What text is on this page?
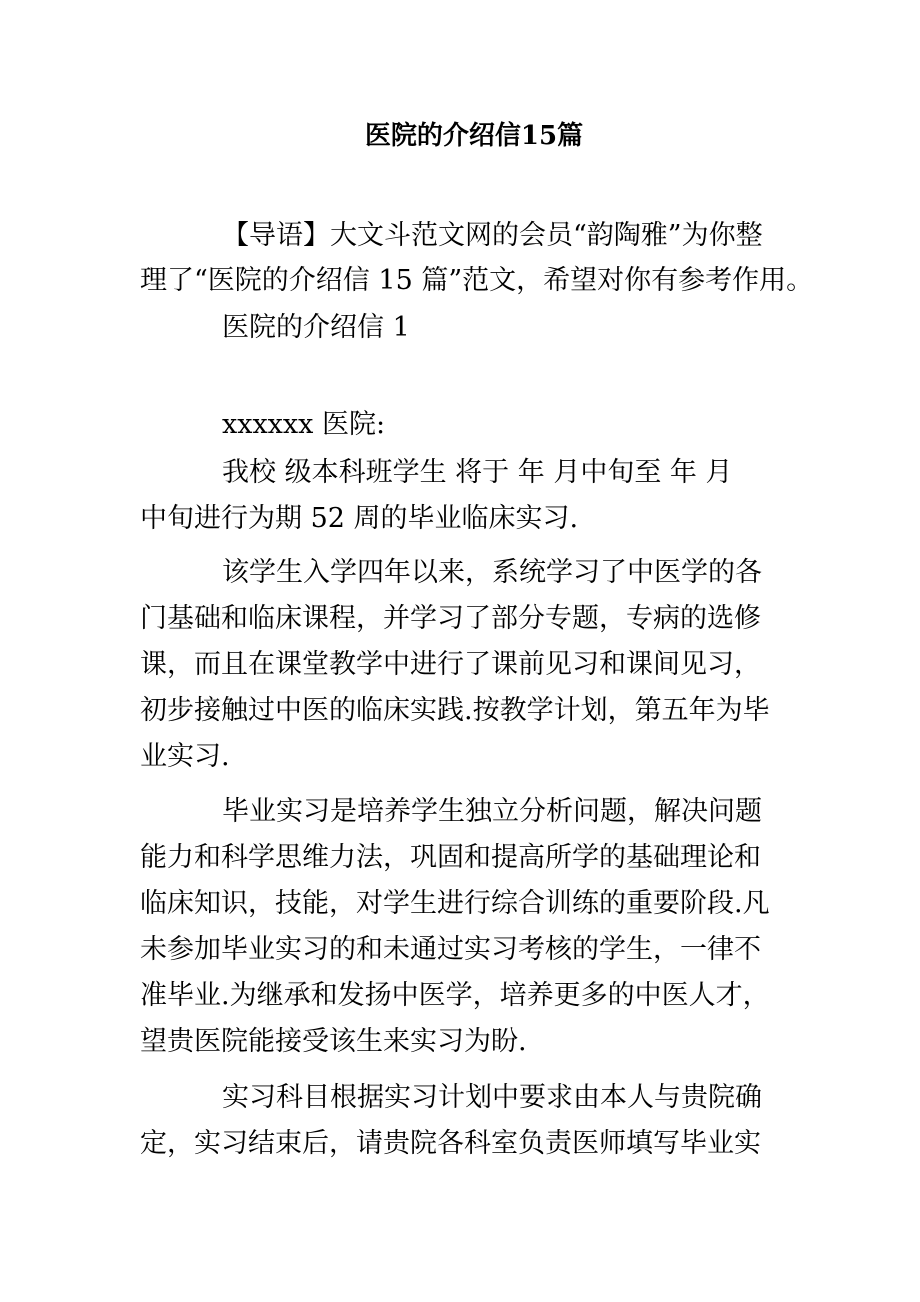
医院的介绍信15篇
【导语】大文斗范文网的会员“韵陶雅”为你整
理了“医院的介绍信 15 篇”范文，希望对你有参考作用。
医院的介绍信 1
xxxxxx 医院:
我校 级本科班学生 将于 年 月中旬至 年 月
中旬进行为期 52 周的毕业临床实习.
该学生入学四年以来，系统学习了中医学的各
门基础和临床课程，并学习了部分专题，专病的选修
课，而且在课堂教学中进行了课前见习和课间见习，
初步接触过中医的临床实践.按教学计划，第五年为毕
业实习.
毕业实习是培养学生独立分析问题，解决问题
能力和科学思维力法，巩固和提高所学的基础理论和
临床知识，技能，对学生进行综合训练的重要阶段.凡
未参加毕业实习的和未通过实习考核的学生，一律不
准毕业.为继承和发扬中医学，培养更多的中医人才，
望贵医院能接受该生来实习为盼.
实习科目根据实习计划中要求由本人与贵院确
定，实习结束后，请贵院各科室负责医师填写毕业实
